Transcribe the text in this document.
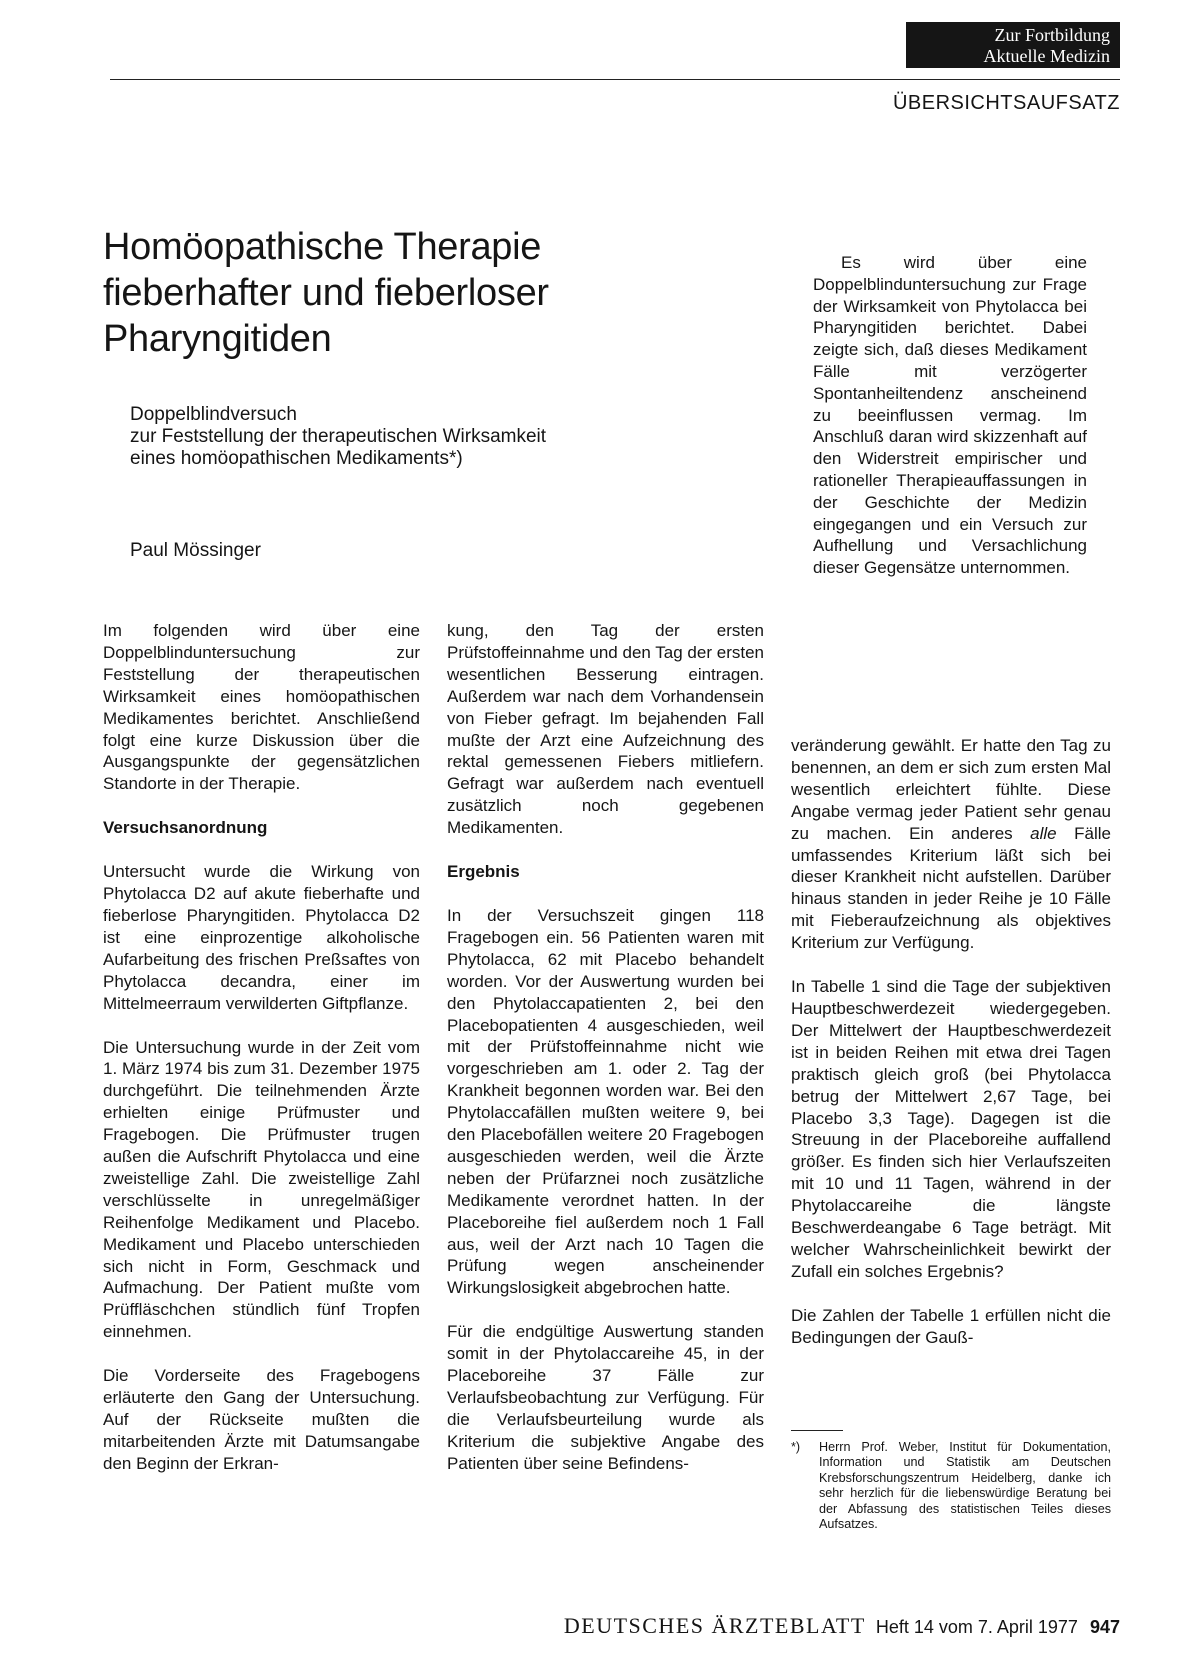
Zur Fortbildung
Aktuelle Medizin
ÜBERSICHTSAUFSATZ
Homöopathische Therapie fieberhafter und fieberloser Pharyngitiden
Doppelblindversuch
zur Feststellung der therapeutischen Wirksamkeit
eines homöopathischen Medikaments*)
Paul Mössinger

Es wird über eine Doppelblinduntersuchung zur Frage der Wirksamkeit von Phytolacca bei Pharyngitiden berichtet. Dabei zeigte sich, daß dieses Medikament Fälle mit verzögerter Spontanheiltendenz anscheinend zu beeinflussen vermag. Im Anschluß daran wird skizzenhaft auf den Widerstreit empirischer und rationeller Therapieauffassungen in der Geschichte der Medizin eingegangen und ein Versuch zur Aufhellung und Versachlichung dieser Gegensätze unternommen.

Im folgenden wird über eine Doppelblinduntersuchung zur Feststellung der therapeutischen Wirksamkeit eines homöopathischen Medikamentes berichtet. Anschließend folgt eine kurze Diskussion über die Ausgangspunkte der gegensätzlichen Standorte in der Therapie.

Versuchsanordnung

Untersucht wurde die Wirkung von Phytolacca D2 auf akute fieberhafte und fieberlose Pharyngitiden. Phytolacca D2 ist eine einprozentige alkoholische Aufarbeitung des frischen Preßsaftes von Phytolacca decandra, einer im Mittelmeerraum verwilderten Giftpflanze.

Die Untersuchung wurde in der Zeit vom 1. März 1974 bis zum 31. Dezember 1975 durchgeführt. Die teilnehmenden Ärzte erhielten einige Prüfmuster und Fragebogen. Die Prüfmuster trugen außen die Aufschrift Phytolacca und eine zweistellige Zahl. Die zweistellige Zahl verschlüsselte in unregelmäßiger Reihenfolge Medikament und Placebo. Medikament und Placebo unterschieden sich nicht in Form, Geschmack und Aufmachung. Der Patient mußte vom Prüffläschchen stündlich fünf Tropfen einnehmen.

Die Vorderseite des Fragebogens erläuterte den Gang der Untersuchung. Auf der Rückseite mußten die mitarbeitenden Ärzte mit Datumsangabe den Beginn der Erkran-

kung, den Tag der ersten Prüfstoffeinnahme und den Tag der ersten wesentlichen Besserung eintragen. Außerdem war nach dem Vorhandensein von Fieber gefragt. Im bejahenden Fall mußte der Arzt eine Aufzeichnung des rektal gemessenen Fiebers mitliefern. Gefragt war außerdem nach eventuell zusätzlich noch gegebenen Medikamenten.

Ergebnis

In der Versuchszeit gingen 118 Fragebogen ein. 56 Patienten waren mit Phytolacca, 62 mit Placebo behandelt worden. Vor der Auswertung wurden bei den Phytolaccapatienten 2, bei den Placebopatienten 4 ausgeschieden, weil mit der Prüfstoffeinnahme nicht wie vorgeschrieben am 1. oder 2. Tag der Krankheit begonnen worden war. Bei den Phytolaccafällen mußten weitere 9, bei den Placebofällen weitere 20 Fragebogen ausgeschieden werden, weil die Ärzte neben der Prüfarznei noch zusätzliche Medikamente verordnet hatten. In der Placeboreihe fiel außerdem noch 1 Fall aus, weil der Arzt nach 10 Tagen die Prüfung wegen anscheinender Wirkungslosigkeit abgebrochen hatte.

Für die endgültige Auswertung standen somit in der Phytolaccareihe 45, in der Placeboreihe 37 Fälle zur Verlaufsbeobachtung zur Verfügung. Für die Verlaufsbeurteilung wurde als Kriterium die subjektive Angabe des Patienten über seine Befindens-

veränderung gewählt. Er hatte den Tag zu benennen, an dem er sich zum ersten Mal wesentlich erleichtert fühlte. Diese Angabe vermag jeder Patient sehr genau zu machen. Ein anderes alle Fälle umfassendes Kriterium läßt sich bei dieser Krankheit nicht aufstellen. Darüber hinaus standen in jeder Reihe je 10 Fälle mit Fieberaufzeichnung als objektives Kriterium zur Verfügung.

In Tabelle 1 sind die Tage der subjektiven Hauptbeschwerdezeit wiedergegeben. Der Mittelwert der Hauptbeschwerdezeit ist in beiden Reihen mit etwa drei Tagen praktisch gleich groß (bei Phytolacca betrug der Mittelwert 2,67 Tage, bei Placebo 3,3 Tage). Dagegen ist die Streuung in der Placeboreihe auffallend größer. Es finden sich hier Verlaufszeiten mit 10 und 11 Tagen, während in der Phytolaccareihe die längste Beschwerdeangabe 6 Tage beträgt. Mit welcher Wahrscheinlichkeit bewirkt der Zufall ein solches Ergebnis?

Die Zahlen der Tabelle 1 erfüllen nicht die Bedingungen der Gauß-

*) Herrn Prof. Weber, Institut für Dokumentation, Information und Statistik am Deutschen Krebsforschungszentrum Heidelberg, danke ich sehr herzlich für die liebenswürdige Beratung bei der Abfassung des statistischen Teiles dieses Aufsatzes.
DEUTSCHES ÄRZTEBLATT Heft 14 vom 7. April 1977 947
